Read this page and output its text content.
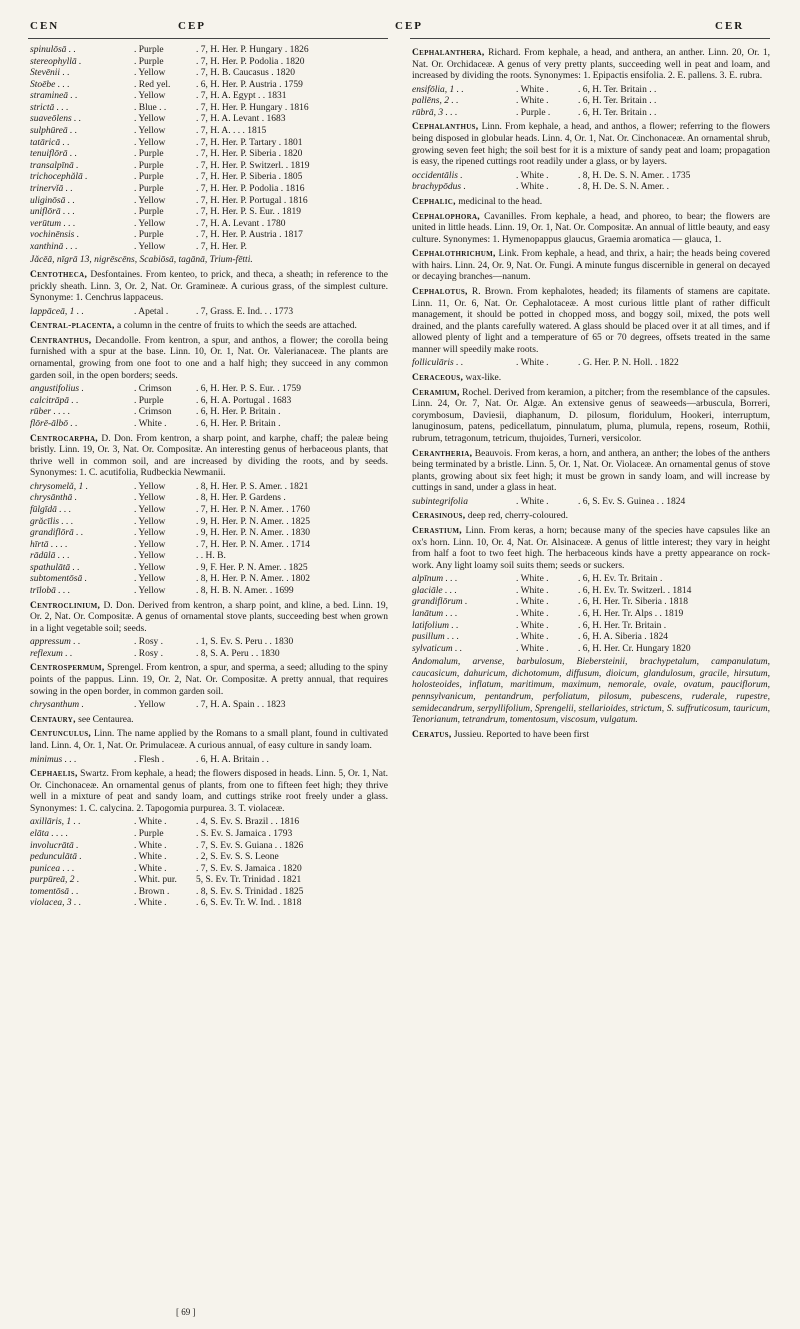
CEN	CEP	CEP	CER
spinulōsā . .	. Purple	. 7, H. Her. P. Hungary . 1826
stereophyllā .	. Purple	. 7, H. Her. P. Podolia . 1820
Stevēnii . .	. Yellow	. 7, H. B. Caucasus . 1820
Stoēbe . . .	. Red yel.	. 6, H. Her. P. Austria . 1759
stramineā . .	. Yellow	. 7, H. A. Egypt . . 1831
strictā . . .	. Blue . .	. 7, H. Her. P. Hungary . 1816
suaveōlens . .	. Yellow	. 7, H. A. Levant . 1683
sulphūreā . .	. Yellow	. 7, H. A. . . . 1815
tatāricā . .	. Yellow	. 7, H. Her. P. Tartary . 1801
tenuiflōrā . .	. Purple	. 7, H. Her. P. Siberia . 1820
transalpīnā .	. Purple	. 7, H. Her. P. Switzerl. . 1819
trichocephălā .	. Purple	. 7, H. Her. P. Siberia . 1805
trinervĭā . .	. Purple	. 7, H. Her. P. Podolia . 1816
uliginōsā . .	. Yellow	. 7, H. Her. P. Portugal . 1816
uniflōrā . . .	. Purple	. 7, H. Her. P. S. Eur. . 1819
verūtum . . .	. Yellow	. 7, H. A. Levant . 1780
vochinēnsis .	. Purple	. 7, H. Her. P. Austria . 1817
xanthinā . . .	. Yellow	. 7, H. Her. P.
Jăcēā, nīgrā 13, nigrēscēns, Scabiōsā, tagānā, Trium-fētti.
Centotheca, Desfontaines. From kenteo, to prick, and theca, a sheath; in reference to the prickly sheath. Linn. 3, Or. 2, Nat. Or. Gramineæ. A curious grass, of the simplest culture. Synonyme: 1. Cenchrus lappaceus.
lappāceā, 1 . .	. Apetal .	. 7, Grass. E. Ind. . . 1773
Central-placenta, a column in the centre of fruits to which the seeds are attached.
Centranthus, Decandolle. From kentron, a spur, and anthos, a flower; the corolla being furnished with a spur at the base. Linn. 10, Or. 1, Nat. Or. Valerianaceæ. The plants are ornamental, growing from one foot to one and a half high; they succeed in any common garden soil, in the open borders; seeds.
angustifolius .	. Crimson	. 6, H. Her. P. S. Eur. . 1759
calcitrāpā . .	. Purple	. 6, H. A. Portugal . 1683
rūber . . . .	. Crimson	. 6, H. Her. P. Britain .
flōrē-ālbō . .	. White .	. 6, H. Her. P. Britain .
Centrocarpha, D. Don. From kentron, a sharp point, and karphe, chaff; the paleæ being bristly. Linn. 19, Or. 3, Nat. Or. Compositæ. An interesting genus of herbaceous plants, that thrive well in common soil, and are increased by dividing the roots, and by seeds. Synonymes: 1. C. acutifolia, Rudbeckia Newmanii.
chrysomelă, 1 .	. Yellow	. 8, H. Her. P. S. Amer. . 1821
chrysānthā .	. Yellow	. 8, H. Her. P. Gardens .
fūlgīdā . . .	. Yellow	. 7, H. Her. P. N. Amer. . 1760
grăcīlis . . .	. Yellow	. 9, H. Her. P. N. Amer. . 1825
grandiflōrā . .	. Yellow	. 9, H. Her. P. N. Amer. . 1830
hīrtā . . . .	. Yellow	. 7, H. Her. P. N. Amer. . 1714
rādūlā . . .	. Yellow	. . H. B.
spathulātā . .	. Yellow	. 9, F. Her. P. N. Amer. . 1825
subtomentōsā .	. Yellow	. 8, H. Her. P. N. Amer. . 1802
trīlobā . . .	. Yellow	. 8, H. B. N. Amer. . 1699
Centroclinium, D. Don. Derived from kentron, a sharp point, and kline, a bed. Linn. 19, Or. 2, Nat. Or. Compositæ. A genus of ornamental stove plants, succeeding best when grown in a light vegetable soil; seeds.
appressum . .	. Rosy .	. 1, S. Ev. S. Peru . . 1830
reflexum . .	. Rosy .	. 8, S. A. Peru . . 1830
Centrospermum, Sprengel. From kentron, a spur, and sperma, a seed; alluding to the spiny points of the pappus. Linn. 19, Or. 2, Nat. Or. Compositæ. A pretty annual, that requires sowing in the open border, in common garden soil.
chrysanthum .	. Yellow	. 7, H. A. Spain . . 1823
Centaury, see Centaurea.
Centunculus, Linn. The name applied by the Romans to a small plant, found in cultivated land. Linn. 4, Or. 1, Nat. Or. Primulaceæ. A curious annual, of easy culture in sandy loam.
minimus . . .	. Flesh .	. 6, H. A. Britain . .
Cephaelis, Swartz. From kephale, a head; the flowers disposed in heads. Linn. 5, Or. 1, Nat. Or. Cinchonaceæ. An ornamental genus of plants, from one to fifteen feet high; they thrive well in a mixture of peat and sandy loam, and cuttings strike root freely under a glass. Synonymes: 1. C. calycina. 2. Tapogomia purpurea. 3. T. violaceæ.
axillāris, 1 . .	. White .	. 4, S. Ev. S. Brazil . . 1816
elāta . . . .	. Purple	. S. Ev. S. Jamaica . 1793
involucrātā .	. White .	. 7, S. Ev. S. Guiana . . 1826
pedunculātā .	. White .	. 2, S. Ev. S. S. Leone
punicea . . .	. White .	. 7, S. Ev. S. Jamaica . 1820
purpūreā, 2 .	. Whit. pur.	5, S. Ev. Tr. Trinidad . 1821
tomentōsā . .	. Brown .	. 8, S. Ev. S. Trinidad . 1825
violacea, 3 . .	. White .	. 6, S. Ev. Tr. W. Ind. . 1818
Cephalanthera, Richard. From kephale, a head, and anthera, an anther. Linn. 20, Or. 1, Nat. Or. Orchidaceæ. A genus of very pretty plants, succeeding well in peat and loam, and increased by dividing the roots. Synonymes: 1. Epipactis ensifolia. 2. E. pallens. 3. E. rubra.
ensifōlia, 1 . .	. White .	. 6, H. Ter. Britain . .
pallēns, 2 . .	. White .	. 6, H. Ter. Britain . .
rūbrā, 3 . . .	. Purple .	. 6, H. Ter. Britain . .
Cephalanthus, Linn. From kephale, a head, and anthos, a flower; referring to the flowers being disposed in globular heads. Linn. 4, Or. 1, Nat. Or. Cinchonaceæ. An ornamental shrub, growing seven feet high; the soil best for it is a mixture of sandy peat and loam; propagation is easy, the ripened cuttings root readily under a glass, or by layers.
occidentālis .	. White .	. 8, H. De. S. N. Amer. . 1735
brachypōdus .	. White .	. 8, H. De. S. N. Amer. .
Cephalic, medicinal to the head.
Cephalophora, Cavanilles. From kephale, a head, and phoreo, to bear; the flowers are united in little heads. Linn. 19, Or. 1, Nat. Or. Compositæ. An annual of little beauty, and easy culture. Synonymes: 1. Hymenopappus glaucus, Graemia aromatica — glauca, 1.
Cephalothrichum, Link. From kephale, a head, and thrix, a hair; the heads being covered with hairs. Linn. 24, Or. 9, Nat. Or. Fungi. A minute fungus discernible in general on decayed or decaying branches—nanum.
Cephalotus, R. Brown. From kephalotes, headed; its filaments of stamens are capitate. Linn. 11, Or. 6, Nat. Or. Cephalotaceæ. A most curious little plant of rather difficult management, it should be potted in chopped moss, and boggy soil, mixed, the pots well drained, and the plants carefully watered. A glass should be placed over it at all times, and if allowed plenty of light and a temperature of 65 or 70 degrees, offsets treated in the same manner will speedily make roots.
folliculāris . .	. White .	. G. Her. P. N. Holl. . 1822
Ceraceous, wax-like.
Ceramium, Rochel. Derived from keramion, a pitcher; from the resemblance of the capsules. Linn. 24, Or. 7, Nat. Or. Algæ. An extensive genus of seaweeds—arbuscula, Borreri, corymbosum, Daviesii, diaphanum, D. pilosum, floridulum, Hookeri, interruptum, lanuginosum, patens, pedicellatum, pinnulatum, pluma, plumula, repens, roseum, Rothii, rubrum, tetragonum, tetricum, thujoides, Turneri, versicolor.
Cerantheria, Beauvois. From keras, a horn, and anthera, an anther; the lobes of the anthers being terminated by a bristle. Linn. 5, Or. 1, Nat. Or. Violaceæ. An ornamental genus of stove plants, growing about six feet high; it must be grown in sandy loam, and will increase by cuttings in sand, under a glass in heat.
subintegrifolia	. White .	. 6, S. Ev. S. Guinea . . 1824
Cerasinous, deep red, cherry-coloured.
Cerastium, Linn. From keras, a horn; because many of the species have capsules like an ox's horn. Linn. 10, Or. 4, Nat. Or. Alsinaceæ. A genus of little interest; they vary in height from half a foot to two feet high. The herbaceous kinds have a pretty appearance on rock-work. Any light loamy soil suits them; seeds or suckers.
alpīnum . . .	. White .	. 6, H. Ev. Tr. Britain .
glaciāle . . .	. White .	. 6, H. Ev. Tr. Switzerl. . 1814
grandiflōrum .	. White .	. 6, H. Her. Tr. Siberia . 1818
lanātum . . .	. White .	. 6, H. Her. Tr. Alps . . 1819
latifolium . .	. White .	. 6, H. Her. Tr. Britain .
pusillum . . .	. White .	. 6, H. A. Siberia . 1824
sylvaticum . .	. White .	. 6, H. Her. Cr. Hungary 1820
Andomalum, arvense, barbulosum, Biebersteinii, brachypetalum, campanulatum, caucasicum, dahuricum, dichotomum, diffusum, dioicum, glandulosum, gracile, hirsutum, holosteoides, inflatum, maritimum, maximum, nemorale, ovale, ovatum, pauciflorum, pennsylvanicum, pentandrum, perfoliatum, pilosum, pubescens, ruderale, rupestre, semidecandrum, serpyllifolium, Sprengelii, stellarioides, strictum, S. suffruticosum, tauricum, Tenorianum, tetrandrum, tomentosum, viscosum, vulgatum.
Ceratus, Jussieu. Reported to have been first
[ 69 ]
